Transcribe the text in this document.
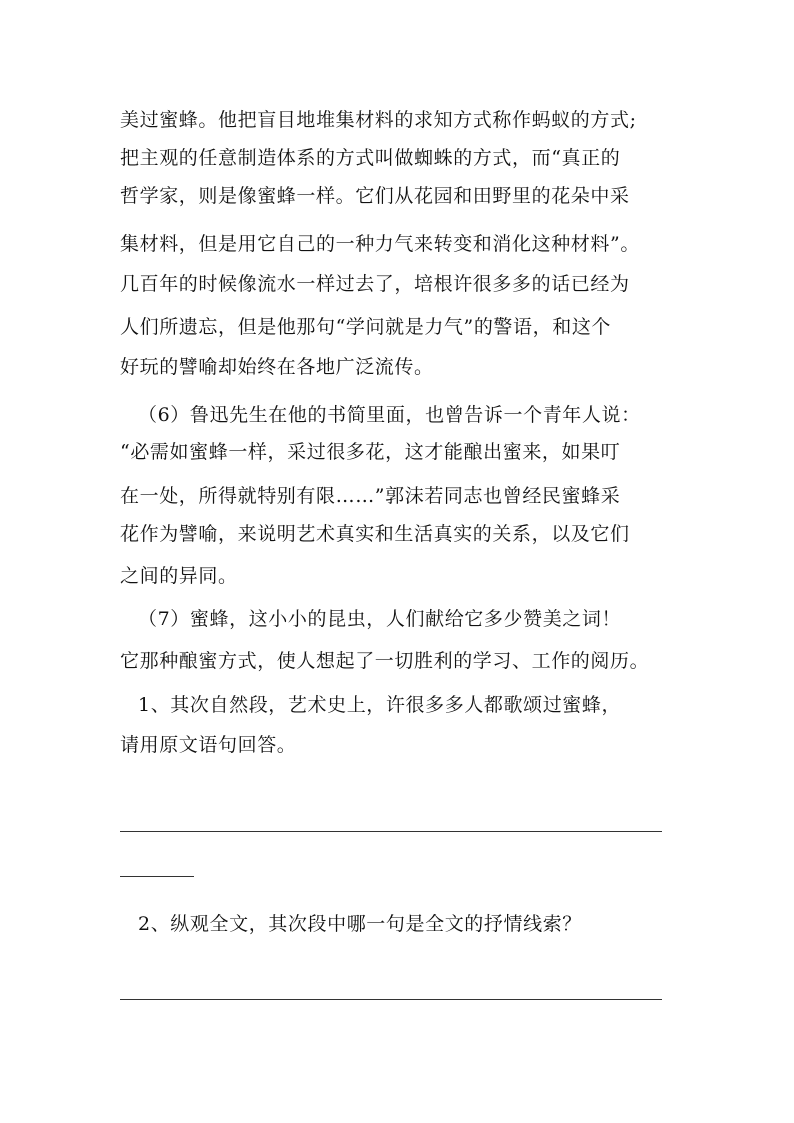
美过蜜蜂。他把盲目地堆集材料的求知方式称作蚂蚁的方式;
把主观的任意制造体系的方式叫做蜘蛛的方式，而“真正的
哲学家，则是像蜜蜂一样。它们从花园和田野里的花朵中采
集材料，但是用它自己的一种力气来转变和消化这种材料”。
几百年的时候像流水一样过去了，培根许很多多的话已经为
人们所遗忘，但是他那句“学问就是力气”的警语，和这个
好玩的譬喻却始终在各地广泛流传。
（6）鲁迅先生在他的书简里面，也曾告诉一个青年人说：
“必需如蜜蜂一样，采过很多花，这才能酿出蜜来，如果叮
在一处，所得就特别有限……”郭沫若同志也曾经民蜜蜂采
花作为譬喻，来说明艺术真实和生活真实的关系，以及它们
之间的异同。
（7）蜜蜂，这小小的昆虫，人们献给它多少赞美之词！
它那种酿蜜方式，使人想起了一切胜利的学习、工作的阅历。
1、其次自然段，艺术史上，许很多多人都歌颂过蜜蜂，
请用原文语句回答。
2、纵观全文，其次段中哪一句是全文的抒情线索？
